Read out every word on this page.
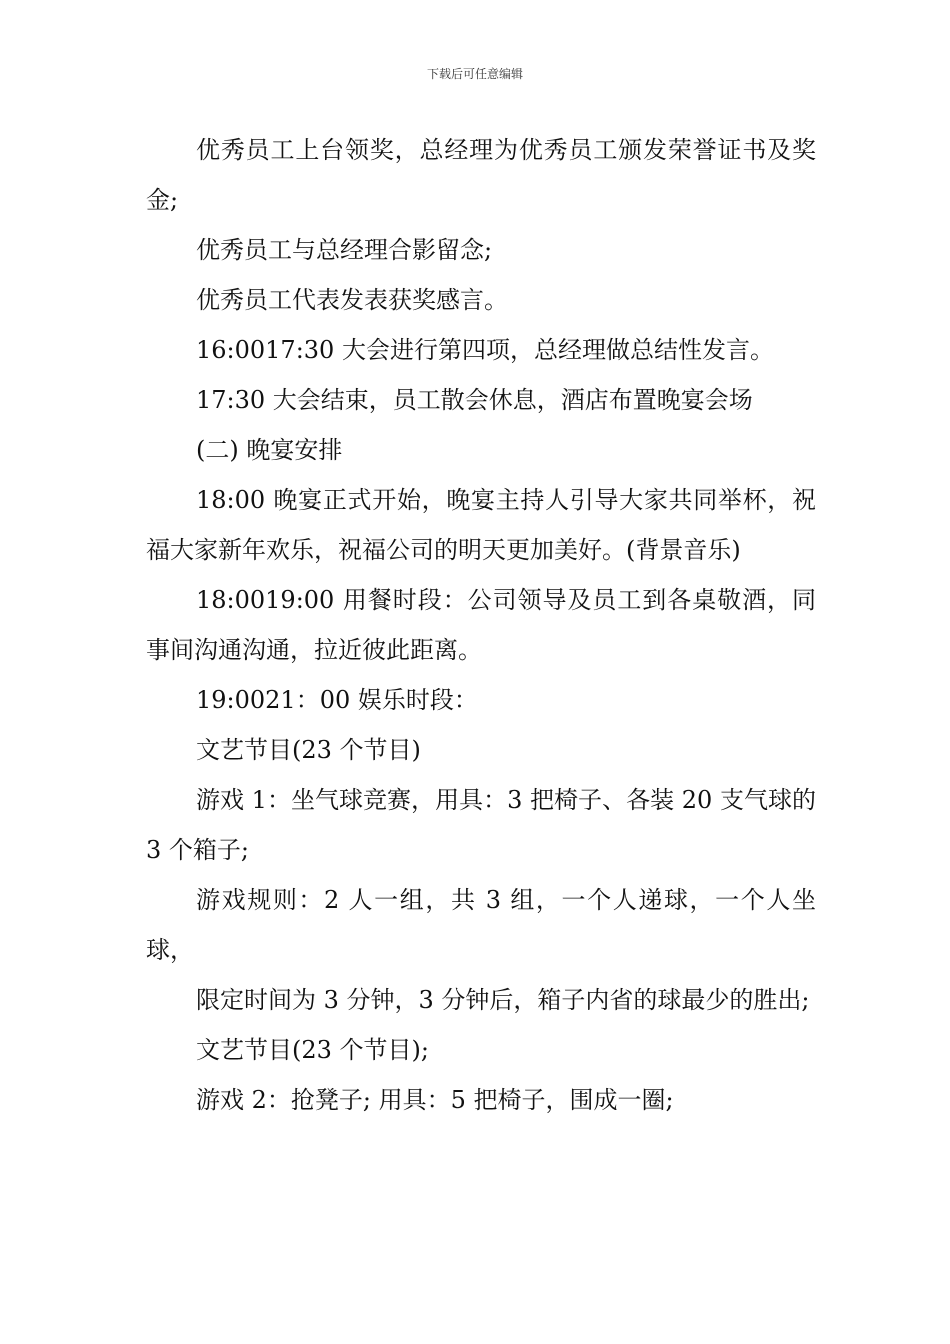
下载后可任意编辑

优秀员工上台领奖，总经理为优秀员工颁发荣誉证书及奖金;

优秀员工与总经理合影留念;

优秀员工代表发表获奖感言。

16:0017:30 大会进行第四项，总经理做总结性发言。

17:30 大会结束，员工散会休息，酒店布置晚宴会场

(二) 晚宴安排

18:00 晚宴正式开始，晚宴主持人引导大家共同举杯，祝福大家新年欢乐，祝福公司的明天更加美好。(背景音乐)

18:0019:00 用餐时段：公司领导及员工到各桌敬酒，同事间沟通沟通，拉近彼此距离。

19:0021：00 娱乐时段：

文艺节目(23 个节目)

游戏 1：坐气球竞赛，用具：3 把椅子、各装 20 支气球的 3 个箱子;

游戏规则：2 人一组，共 3 组，一个人递球，一个人坐球，

限定时间为 3 分钟，3 分钟后，箱子内省的球最少的胜出;

文艺节目(23 个节目);

游戏 2：抢凳子; 用具：5 把椅子，围成一圈;
